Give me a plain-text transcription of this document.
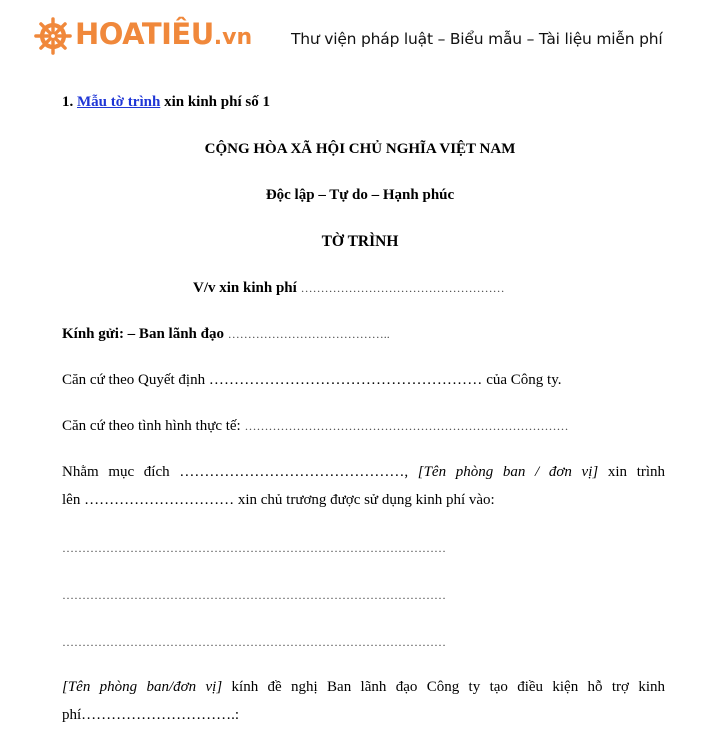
HOATIÊU.vn	Thư viện pháp luật – Biểu mẫu – Tài liệu miễn phí
1. Mẫu tờ trình xin kinh phí số 1
CỘNG HÒA XÃ HỘI CHỦ NGHĨA VIỆT NAM
Độc lập – Tự do – Hạnh phúc
TỜ TRÌNH
V/v xin kinh phí ……………………………………………
Kính gửi: – Ban lãnh đạo …………………………………..
Căn cứ theo Quyết định ……………………………………………… của Công ty.
Căn cứ theo tình hình thực tế: ………………………………………………………………………
Nhằm mục đích ………………………………………, [Tên phòng ban / đơn vị] xin trình
lên ………………………… xin chủ trương được sử dụng kinh phí vào:
……………………………………………………………………………………
……………………………………………………………………………………
……………………………………………………………………………………
[Tên phòng ban/đơn vị] kính đề nghị Ban lãnh đạo Công ty tạo điều kiện hỗ trợ kinh
phí………………………….:
